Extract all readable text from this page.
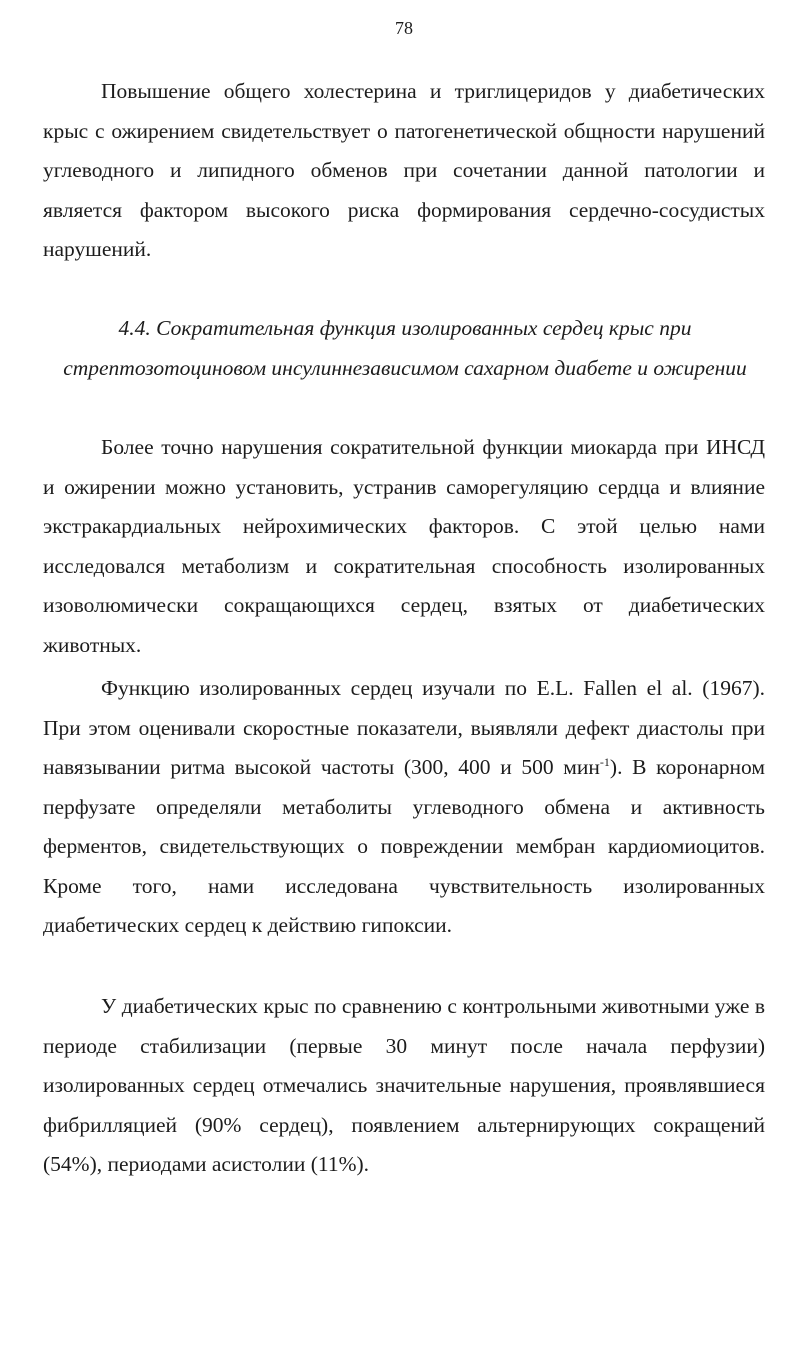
78

Повышение общего холестерина и триглицеридов у диабетических крыс с ожирением свидетельствует о патогенетической общности нарушений углеводного и липидного обменов при сочетании данной патологии и является фактором высокого риска формирования сердечно-сосудистых нарушений.

4.4. Сократительная функция изолированных сердец крыс при стрептозотоциновом инсулиннезависимом сахарном диабете и ожирении

Более точно нарушения сократительной функции миокарда при ИНСД и ожирении можно установить, устранив саморегуляцию сердца и влияние экстракардиальных нейрохимических факторов. С этой целью нами исследовался метаболизм и сократительная способность изолированных изоволюмически сокращающихся сердец, взятых от диабетических животных.

Функцию изолированных сердец изучали по E.L. Fallen el al. (1967). При этом оценивали скоростные показатели, выявляли дефект диастолы при навязывании ритма высокой частоты (300, 400 и 500 мин$^{-1}$). В коронарном перфузате определяли метаболиты углеводного обмена и активность ферментов, свидетельствующих о повреждении мембран кардиомиоцитов. Кроме того, нами исследована чувствительность изолированных диабетических сердец к действию гипоксии.

У диабетических крыс по сравнению с контрольными животными уже в периоде стабилизации (первые 30 минут после начала перфузии) изолированных сердец отмечались значительные нарушения, проявлявшиеся фибрилляцией (90% сердец), появлением альтернирующих сокращений (54%), периодами асистолии (11%).
